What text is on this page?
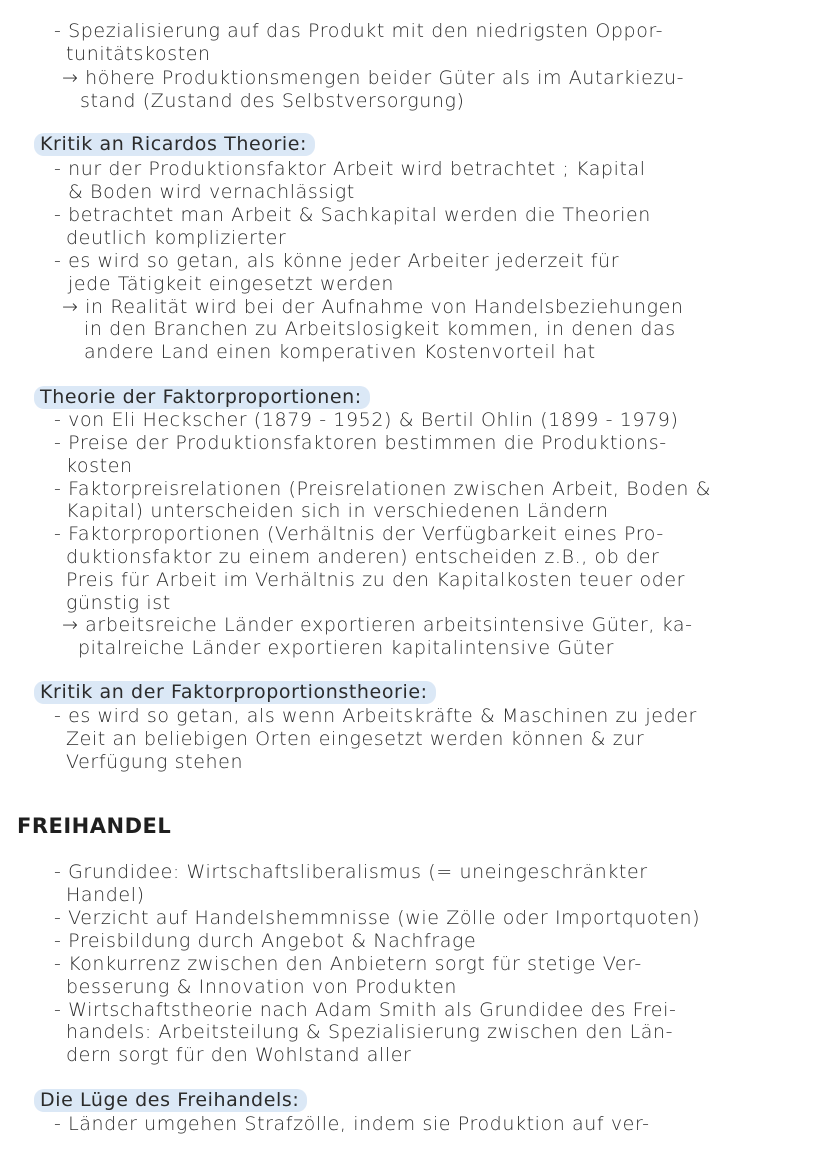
- Spezialisierung auf das Produkt mit den niedrigsten Oppor-
tunitätskosten
→ höhere Produktionsmengen beider Güter als im Autarkiezu-
stand (Zustand des Selbstversorgung)
Kritik an Ricardos Theorie:
- nur der Produktionsfaktor Arbeit wird betrachtet ; Kapital
& Boden wird vernachlässigt
- betrachtet man Arbeit & Sachkapital werden die Theorien
deutlich komplizierter
- es wird so getan, als könne jeder Arbeiter jederzeit für
jede Tätigkeit eingesetzt werden
→ in Realität wird bei der Aufnahme von Handelsbeziehungen
in den Branchen zu Arbeitslosigkeit kommen, in denen das
andere Land einen komperativen Kostenvorteil hat
Theorie der Faktorproportionen:
- von Eli Heckscher (1879 - 1952) & Bertil Ohlin (1899 - 1979)
- Preise der Produktionsfaktoren bestimmen die Produktions-
kosten
- Faktorpreisrelationen (Preisrelationen zwischen Arbeit, Boden &
Kapital) unterscheiden sich in verschiedenen Ländern
- Faktorproportionen (Verhältnis der Verfügbarkeit eines Pro-
duktionsfaktor zu einem anderen) entscheiden z.B., ob der
Preis für Arbeit im Verhältnis zu den Kapitalkosten teuer oder
günstig ist
→ arbeitsreiche Länder exportieren arbeitsintensive Güter, ka-
pitalreiche Länder exportieren kapitalintensive Güter
Kritik an der Faktorproportionstheorie:
- es wird so getan, als wenn Arbeitskräfte & Maschinen zu jeder
Zeit an beliebigen Orten eingesetzt werden können & zur
Verfügung stehen
FREIHANDEL
- Grundidee: Wirtschaftsliberalismus (= uneingeschränkter
Handel)
- Verzicht auf Handelshemmnisse (wie Zölle oder Importquoten)
- Preisbildung durch Angebot & Nachfrage
- Konkurrenz zwischen den Anbietern sorgt für stetige Ver-
besserung & Innovation von Produkten
- Wirtschaftstheorie nach Adam Smith als Grundidee des Frei-
handels: Arbeitsteilung & Spezialisierung zwischen den Län-
dern sorgt für den Wohlstand aller
Die Lüge des Freihandels:
- Länder umgehen Strafzölle, indem sie Produktion auf ver-
